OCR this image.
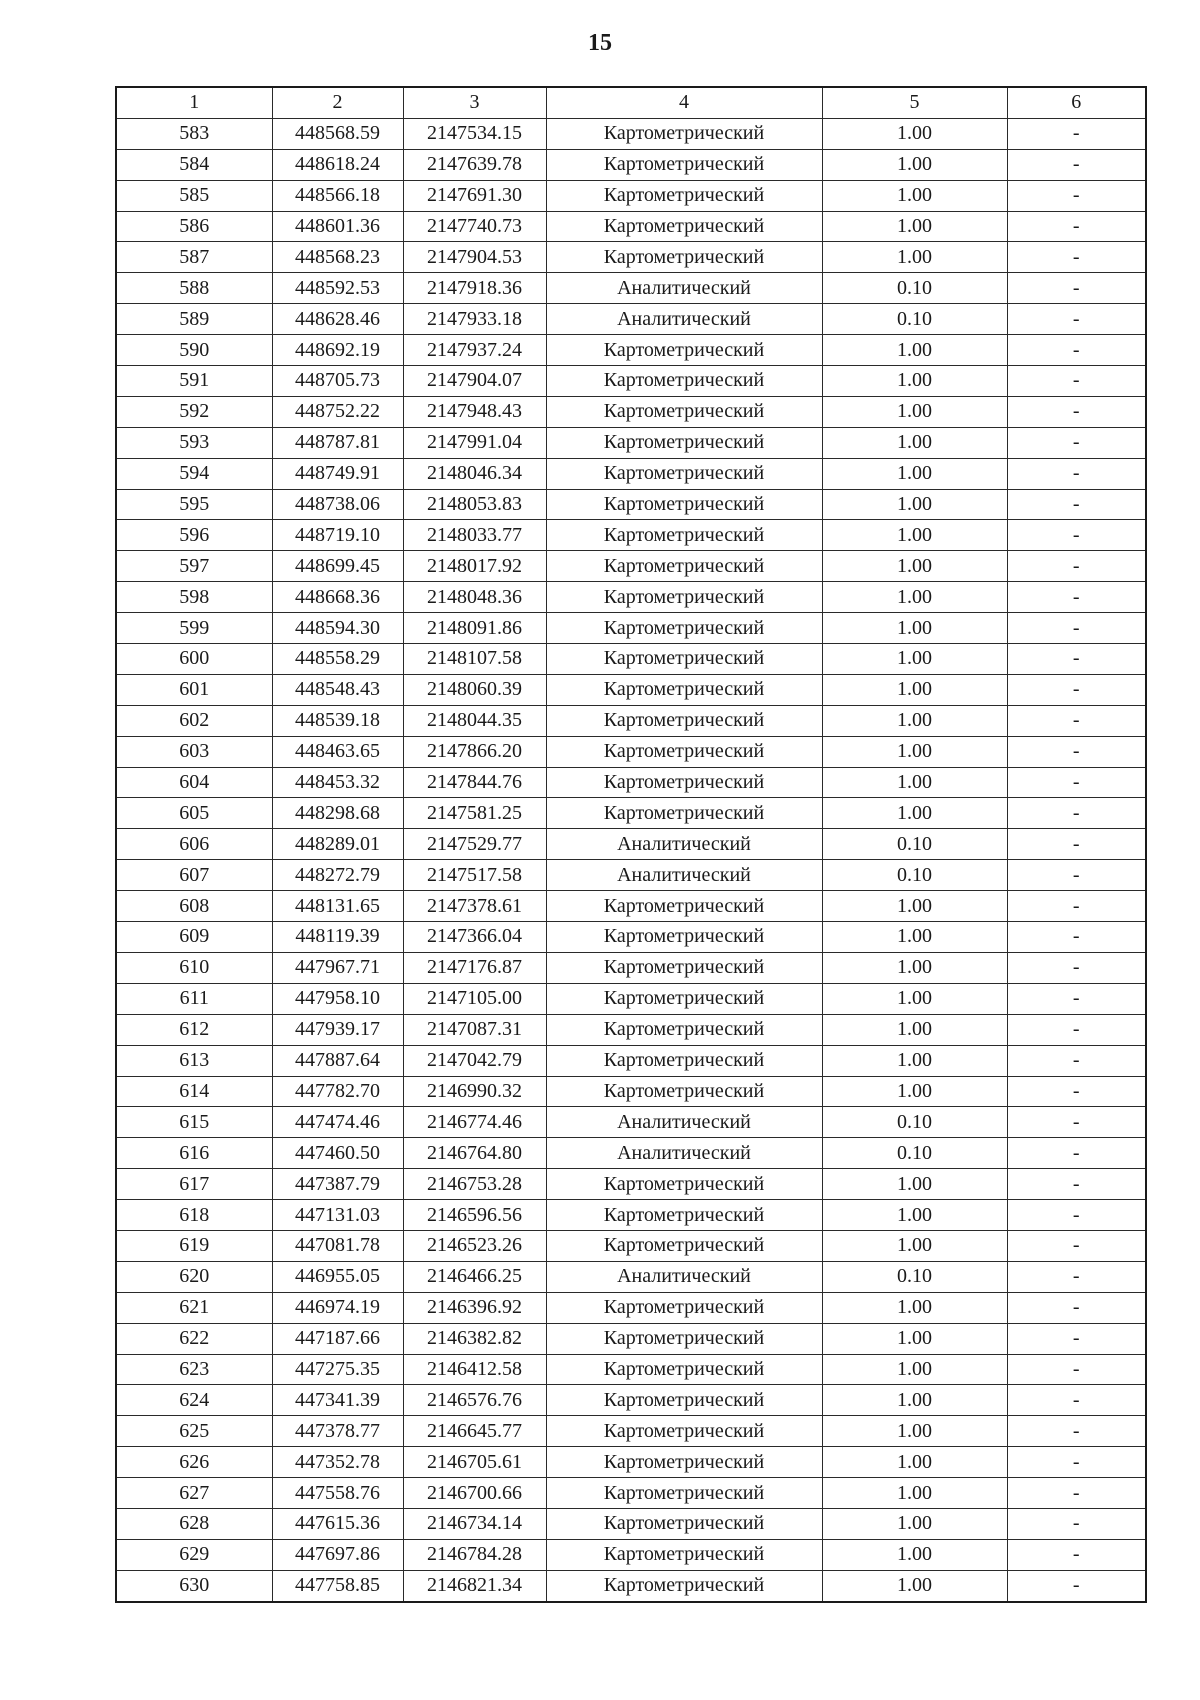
15
1	2	3	4	5	6
583	448568.59	2147534.15	Картометрический	1.00	-
584	448618.24	2147639.78	Картометрический	1.00	-
585	448566.18	2147691.30	Картометрический	1.00	-
586	448601.36	2147740.73	Картометрический	1.00	-
587	448568.23	2147904.53	Картометрический	1.00	-
588	448592.53	2147918.36	Аналитический	0.10	-
589	448628.46	2147933.18	Аналитический	0.10	-
590	448692.19	2147937.24	Картометрический	1.00	-
591	448705.73	2147904.07	Картометрический	1.00	-
592	448752.22	2147948.43	Картометрический	1.00	-
593	448787.81	2147991.04	Картометрический	1.00	-
594	448749.91	2148046.34	Картометрический	1.00	-
595	448738.06	2148053.83	Картометрический	1.00	-
596	448719.10	2148033.77	Картометрический	1.00	-
597	448699.45	2148017.92	Картометрический	1.00	-
598	448668.36	2148048.36	Картометрический	1.00	-
599	448594.30	2148091.86	Картометрический	1.00	-
600	448558.29	2148107.58	Картометрический	1.00	-
601	448548.43	2148060.39	Картометрический	1.00	-
602	448539.18	2148044.35	Картометрический	1.00	-
603	448463.65	2147866.20	Картометрический	1.00	-
604	448453.32	2147844.76	Картометрический	1.00	-
605	448298.68	2147581.25	Картометрический	1.00	-
606	448289.01	2147529.77	Аналитический	0.10	-
607	448272.79	2147517.58	Аналитический	0.10	-
608	448131.65	2147378.61	Картометрический	1.00	-
609	448119.39	2147366.04	Картометрический	1.00	-
610	447967.71	2147176.87	Картометрический	1.00	-
611	447958.10	2147105.00	Картометрический	1.00	-
612	447939.17	2147087.31	Картометрический	1.00	-
613	447887.64	2147042.79	Картометрический	1.00	-
614	447782.70	2146990.32	Картометрический	1.00	-
615	447474.46	2146774.46	Аналитический	0.10	-
616	447460.50	2146764.80	Аналитический	0.10	-
617	447387.79	2146753.28	Картометрический	1.00	-
618	447131.03	2146596.56	Картометрический	1.00	-
619	447081.78	2146523.26	Картометрический	1.00	-
620	446955.05	2146466.25	Аналитический	0.10	-
621	446974.19	2146396.92	Картометрический	1.00	-
622	447187.66	2146382.82	Картометрический	1.00	-
623	447275.35	2146412.58	Картометрический	1.00	-
624	447341.39	2146576.76	Картометрический	1.00	-
625	447378.77	2146645.77	Картометрический	1.00	-
626	447352.78	2146705.61	Картометрический	1.00	-
627	447558.76	2146700.66	Картометрический	1.00	-
628	447615.36	2146734.14	Картометрический	1.00	-
629	447697.86	2146784.28	Картометрический	1.00	-
630	447758.85	2146821.34	Картометрический	1.00	-
